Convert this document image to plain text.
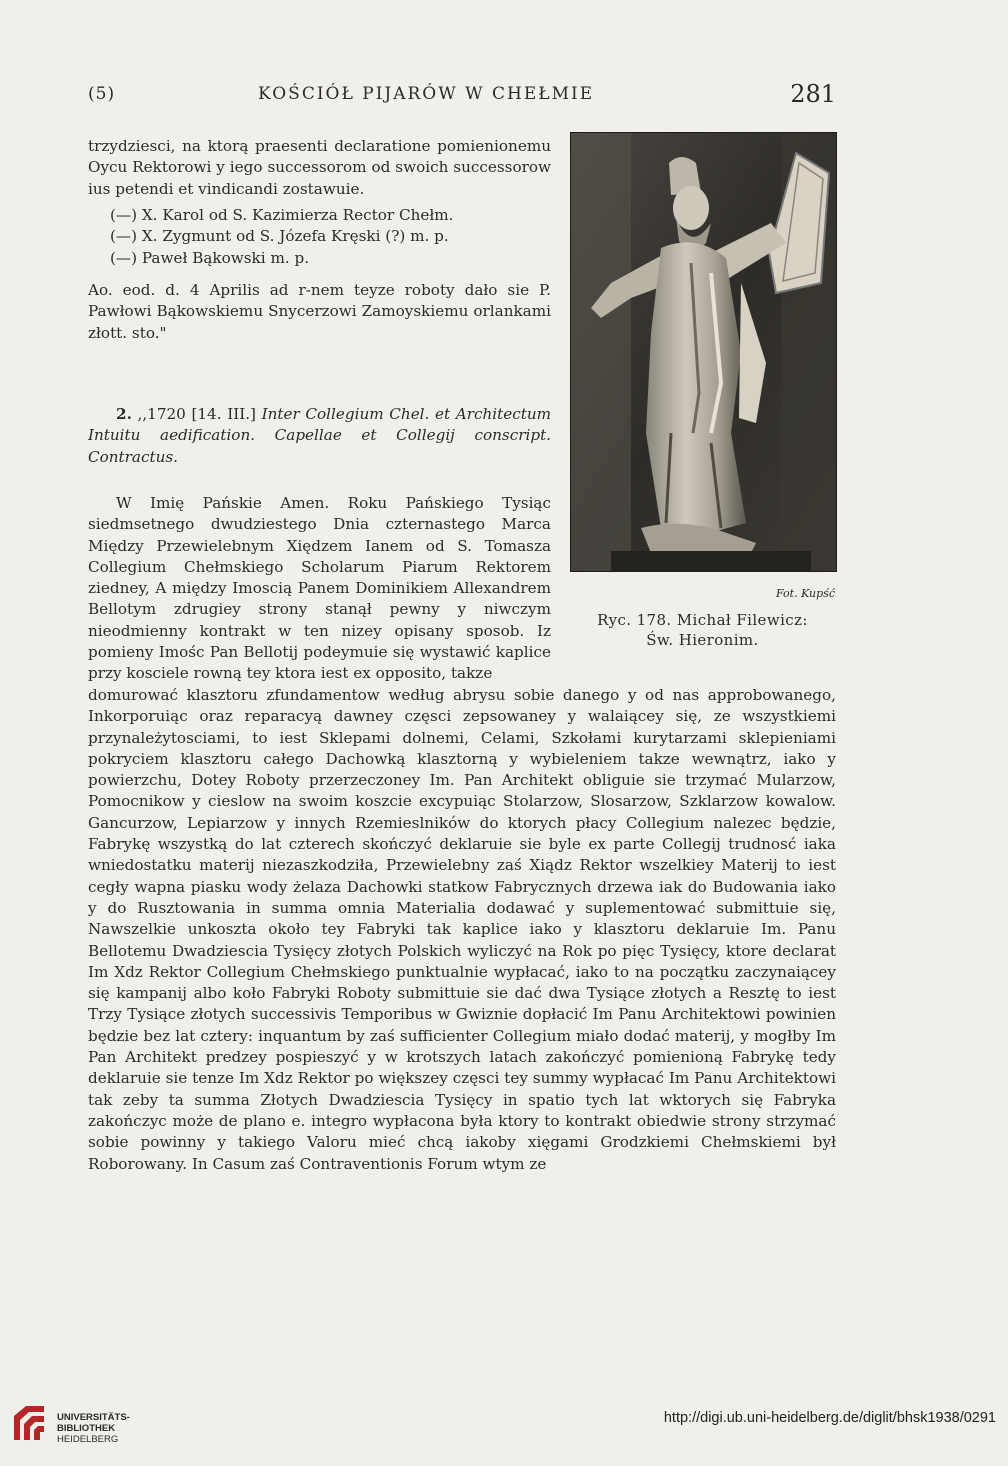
(5)	KOŚCIÓŁ PIJARÓW W CHEŁMIE	281

trzydziesci, na ktorą praesenti declaratione pomienionemu Oycu Rektorowi y iego successorom od swoich successorow ius petendi et vindicandi zostawuie.

(—) X. Karol od S. Kazimierza Rector Chełm.

(—) X. Zygmunt od S. Józefa Kręski (?) m. p.

(—) Paweł Bąkowski m. p.

Ao. eod. d. 4 Aprilis ad r-nem teyze roboty dało sie P. Pawłowi Bąkowskiemu Snycerzowi Zamoyskiemu orlankami złott. sto."

2. ,,1720 [14. III.] Inter Collegium Chel. et Architectum Intuitu aedification. Capellae et Collegij conscript. Contractus.

W Imię Pańskie Amen. Roku Pańskiego Tysiąc siedmsetnego dwudziestego Dnia czternastego Marca Między Przewielebnym Xiędzem Ianem od S. Tomasza Collegium Chełmskiego Scholarum Piarum Rektorem ziedney, A między Imoscią Panem Dominikiem Allexandrem Bellotym zdrugiey strony stanął pewny y niwczym nieodmienny kontrakt w ten nizey opisany sposob. Iz pomieny Imośc Pan Bellotij podeymuie się wystawić kaplice przy kosciele rowną tey ktora iest ex opposito, takze

domurować klasztoru zfundamentow według abrysu sobie danego y od nas approbowanego, Inkorporuiąc oraz reparacyą dawney częsci zepsowaney y walaiącey się, ze wszystkiemi przynależytosciami, to iest Sklepami dolnemi, Celami, Szkołami kurytarzami sklepieniami pokryciem klasztoru całego Dachowką klasztorną y wybieleniem takze wewnątrz, iako y powierzchu, Dotey Roboty przerzeczoney Im. Pan Architekt obliguie sie trzymać Mularzow, Pomocnikow y cieslow na swoim koszcie excypuiąc Stolarzow, Slosarzow, Szklarzow kowalow. Gancurzow, Lepiarzow y innych Rzemieslników do ktorych płacy Collegium nalezec będzie, Fabrykę wszystką do lat czterech skończyć deklaruie sie byle ex parte Collegij trudnosć iaka wniedostatku materij niezaszkodziła, Przewielebny zaś Xiądz Rektor wszelkiey Materij to iest cegły wapna piasku wody żelaza Dachowki statkow Fabrycznych drzewa iak do Budowania iako y do Rusztowania in summa omnia Materialia dodawać y suplementować submittuie się, Nawszelkie unkoszta około tey Fabryki tak kaplice iako y klasztoru deklaruie Im. Panu Bellotemu Dwadziescia Tysięcy złotych Polskich wyliczyć na Rok po pięc Tysięcy, ktore declarat Im Xdz Rektor Collegium Chełmskiego punktualnie wypłacać, iako to na początku zaczynaiącey się kampanij albo koło Fabryki Roboty submittuie sie dać dwa Tysiące złotych a Resztę to iest Trzy Tysiące złotych successivis Temporibus w Gwiznie dopłacić Im Panu Architektowi powinien będzie bez lat cztery: inquantum by zaś sufficienter Collegium miało dodać materij, y mogłby Im Pan Architekt predzey pospieszyć y w krotszych latach zakończyć pomienioną Fabrykę tedy deklaruie sie tenze Im Xdz Rektor po większey częsci tey summy wypłacać Im Panu Architektowi tak zeby ta summa Złotych Dwadziescia Tysięcy in spatio tych lat wktorych się Fabryka zakończyc może de plano e. integro wypłacona była ktory to kontrakt obiedwie strony strzymać sobie powinny y takiego Valoru mieć chcą iakoby xięgami Grodzkiemi Chełmskiemi był Roborowany. In Casum zaś Contraventionis Forum wtym ze

Fot. Kupść
Ryc. 178. Michał Filewicz:
Św. Hieronim.
UNIVERSITÄTS-
BIBLIOTHEK
HEIDELBERG
http://digi.ub.uni-heidelberg.de/diglit/bhsk1938/0291
